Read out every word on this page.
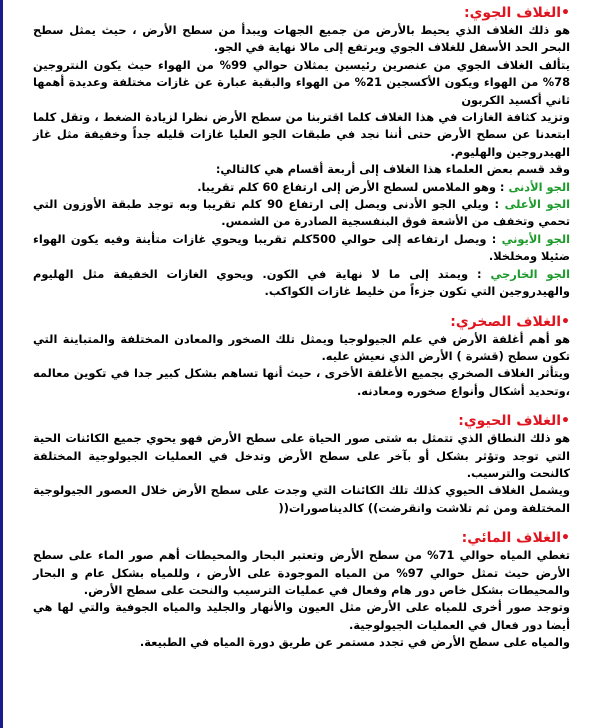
•الغلاف الجوي:
هو ذلك الغلاف الذي يحيط بالأرض من جميع الجهات ويبدأ من سطح الأرض ، حيث يمثل سطح البحر الحد الأسفل للغلاف الجوي ويرتفع إلى مالا نهاية في الجو.
يتألف الغلاف الجوي من عنصرين رئيسين يمثلان حوالي 99% من الهواء حيث يكون النتروجين 78% من الهواء ويكون الأكسجين 21% من الهواء والبقية عبارة عن غازات مختلفة وعديدة أهمها ثاني أكسيد الكربون
وتزيد كثافة الغازات في هذا الغلاف كلما اقتربنا من سطح الأرض نظرا لزيادة الضغط ، وتقل كلما ابتعدنا عن سطح الأرض حتى أننا نجد في طبقات الجو العليا غازات قليله جداً وخفيفة مثل غاز الهيدروجين والهليوم.
وقد قسم بعض العلماء هذا الغلاف إلى أربعة أقسام هي كالتالي:
الجو الأدنى : وهو الملامس لسطح الأرض إلى ارتفاع 60 كلم تقريبا.
الجو الأعلى : ويلي الجو الأدنى ويصل إلى ارتفاع 90 كلم تقريبا وبه توجد طبقة الأوزون التي تحمي وتخفف من الأشعة فوق البنفسجية الصادرة من الشمس.
الجو الأيوني : ويصل ارتفاعه إلى حوالي 500كلم تقريبا ويحوي غازات متأينة وفيه يكون الهواء ضئيلا ومخلخلا.
الجو الخارجي : ويمتد إلى ما لا نهاية في الكون. ويحوي الغازات الخفيفة مثل الهليوم والهيدروجين التي تكون جزءاً من خليط غازات الكواكب.
•الغلاف الصخري:
هو أهم أغلفة الأرض في علم الجيولوجيا ويمثل تلك الصخور والمعادن المختلفة والمتباينة التي تكون سطح (قشرة ) الأرض الذي نعيش عليه.
ويتأثر الغلاف الصخري بجميع الأغلفة الأخرى ، حيث أنها تساهم بشكل كبير جدا في تكوين معالمه ،وتحديد أشكال وأنواع صخوره ومعادنه.
•الغلاف الحيوي:
هو ذلك النطاق الذي تتمثل به شتى صور الحياة على سطح الأرض فهو يحوي جميع الكائنات الحية التي توجد وتؤثر بشكل أو بآخر على سطح الأرض وتدخل في العمليات الجيولوجية المختلفة كالنحت والترسيب.
ويشمل الغلاف الحيوي كذلك تلك الكائنات التي وجدت على سطح الأرض خلال العصور الجيولوجية المختلفة ومن ثم تلاشت وانقرضت)) كالديناصورات((
•الغلاف المائي:
تغطي المياه حوالي 71% من سطح الأرض وتعتبر البحار والمحيطات أهم صور الماء على سطح الأرض حيث تمثل حوالي 97% من المياه الموجودة على الأرض ، وللمياه بشكل عام و البحار والمحيطات بشكل خاص دور هام وفعال في عمليات الترسيب والنحت على سطح الأرض.
وتوجد صور أخرى للمياه على الأرض مثل العيون والأنهار والجليد والمياه الجوفية والتي لها هي أيضا دور فعال في العمليات الجيولوجية.
والمياه على سطح الأرض في تجدد مستمر عن طريق دورة المياه في الطبيعة.
